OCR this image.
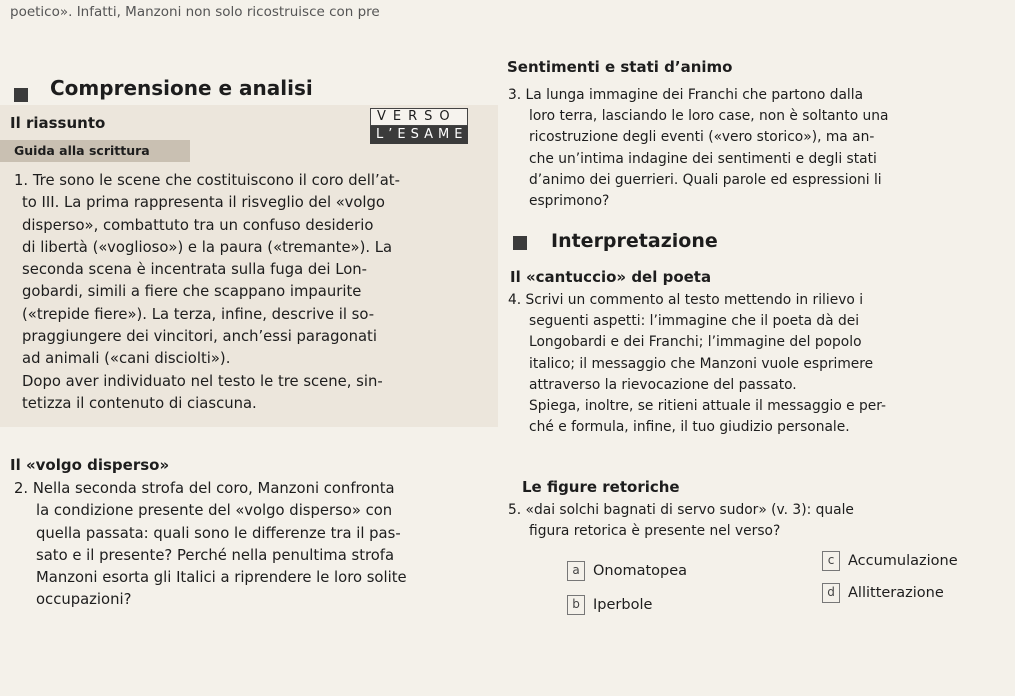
poetico». Infatti, Manzoni non solo ricostruisce con pre
Comprensione e analisi
Il riassunto	VERSO
L’ESAME
Guida alla scrittura
1. Tre sono le scene che costituiscono il coro dell’at-
to III. La prima rappresenta il risveglio del «volgo
disperso», combattuto tra un confuso desiderio
di libertà («voglioso») e la paura («tremante»). La
seconda scena è incentrata sulla fuga dei Lon-
gobardi, simili a fiere che scappano impaurite
(«trepide fiere»). La terza, infine, descrive il so-
praggiungere dei vincitori, anch’essi paragonati
ad animali («cani disciolti»).
Dopo aver individuato nel testo le tre scene, sin-
tetizza il contenuto di ciascuna.
Il «volgo disperso»
2. Nella seconda strofa del coro, Manzoni confronta
la condizione presente del «volgo disperso» con
quella passata: quali sono le differenze tra il pas-
sato e il presente? Perché nella penultima strofa
Manzoni esorta gli Italici a riprendere le loro solite
occupazioni?
Sentimenti e stati d’animo
3. La lunga immagine dei Franchi che partono dalla
loro terra, lasciando le loro case, non è soltanto una
ricostruzione degli eventi («vero storico»), ma an-
che un’intima indagine dei sentimenti e degli stati
d’animo dei guerrieri. Quali parole ed espressioni li
esprimono?
Interpretazione
Il «cantuccio» del poeta
4. Scrivi un commento al testo mettendo in rilievo i
seguenti aspetti: l’immagine che il poeta dà dei
Longobardi e dei Franchi; l’immagine del popolo
italico; il messaggio che Manzoni vuole esprimere
attraverso la rievocazione del passato.
Spiega, inoltre, se ritieni attuale il messaggio e per-
ché e formula, infine, il tuo giudizio personale.
Le figure retoriche
5. «dai solchi bagnati di servo sudor» (v. 3): quale
figura retorica è presente nel verso?
a Onomatopea
b Iperbole
c Accumulazione
d Allitterazione
